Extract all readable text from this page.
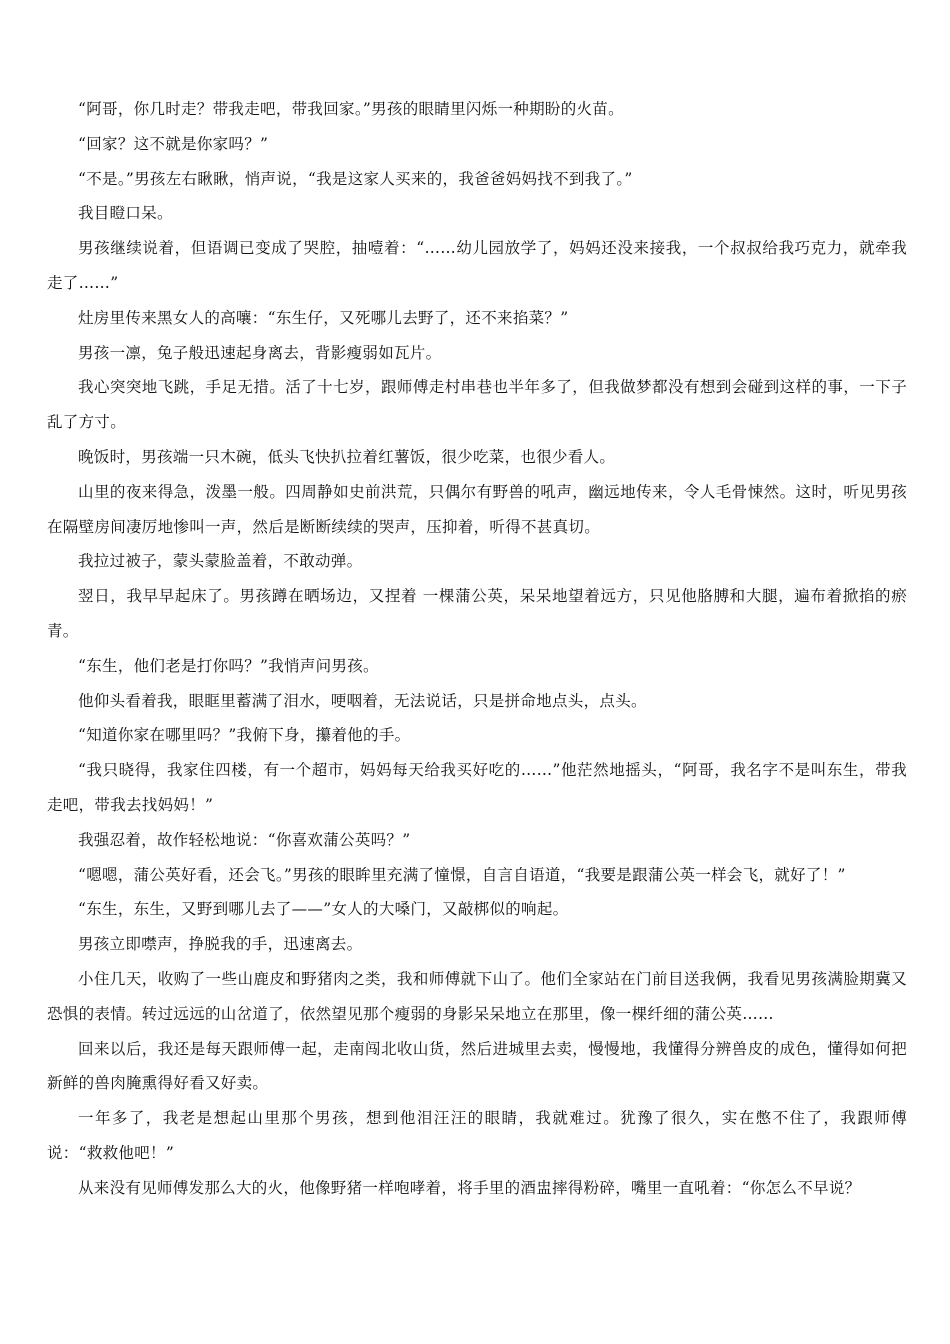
“阿哥，你几时走？带我走吧，带我回家。”男孩的眼睛里闪烁一种期盼的火苗。

“回家？这不就是你家吗？”

“不是。”男孩左右瞅瞅，悄声说，“我是这家人买来的，我爸爸妈妈找不到我了。”

我目瞪口呆。

男孩继续说着，但语调已变成了哭腔，抽噎着：“……幼儿园放学了，妈妈还没来接我，一个叔叔给我巧克力，就牵我走了……”

灶房里传来黑女人的高嚷：“东生仔，又死哪儿去野了，还不来掐菜？”

男孩一凛，兔子般迅速起身离去，背影瘦弱如瓦片。

我心突突地飞跳，手足无措。活了十七岁，跟师傅走村串巷也半年多了，但我做梦都没有想到会碰到这样的事，一下子乱了方寸。

晚饭时，男孩端一只木碗，低头飞快扒拉着红薯饭，很少吃菜，也很少看人。

山里的夜来得急，泼墨一般。四周静如史前洪荒，只偶尔有野兽的吼声，幽远地传来，令人毛骨悚然。这时，听见男孩在隔壁房间凄厉地惨叫一声，然后是断断续续的哭声，压抑着，听得不甚真切。

我拉过被子，蒙头蒙脸盖着，不敢动弹。

翌日，我早早起床了。男孩蹲在晒场边，又捏着 一棵蒲公英，呆呆地望着远方，只见他胳膊和大腿，遍布着掀掐的瘀青。

“东生，他们老是打你吗？”我悄声问男孩。

他仰头看着我，眼眶里蓄满了泪水，哽咽着，无法说话，只是拼命地点头，点头。

“知道你家在哪里吗？”我俯下身，攥着他的手。

“我只晓得，我家住四楼，有一个超市，妈妈每天给我买好吃的……”他茫然地摇头，“阿哥，我名字不是叫东生，带我走吧，带我去找妈妈！”

我强忍着，故作轻松地说：“你喜欢蒲公英吗？”

“嗯嗯，蒲公英好看，还会飞。”男孩的眼眸里充满了憧憬，自言自语道，“我要是跟蒲公英一样会飞，就好了！”

“东生，东生，又野到哪儿去了——”女人的大嗓门，又敲梆似的响起。

男孩立即噤声，挣脱我的手，迅速离去。

小住几天，收购了一些山鹿皮和野猪肉之类，我和师傅就下山了。他们全家站在门前目送我俩，我看见男孩满脸期冀又恐惧的表情。转过远远的山岔道了，依然望见那个瘦弱的身影呆呆地立在那里，像一棵纤细的蒲公英……

回来以后，我还是每天跟师傅一起，走南闯北收山货，然后进城里去卖，慢慢地，我懂得分辨兽皮的成色，懂得如何把新鲜的兽肉腌熏得好看又好卖。

一年多了，我老是想起山里那个男孩，想到他泪汪汪的眼睛，我就难过。犹豫了很久，实在憋不住了，我跟师傅说：“救救他吧！”

从来没有见师傅发那么大的火，他像野猪一样咆哮着，将手里的酒盅摔得粉碎，嘴里一直吼着：“你怎么不早说？
